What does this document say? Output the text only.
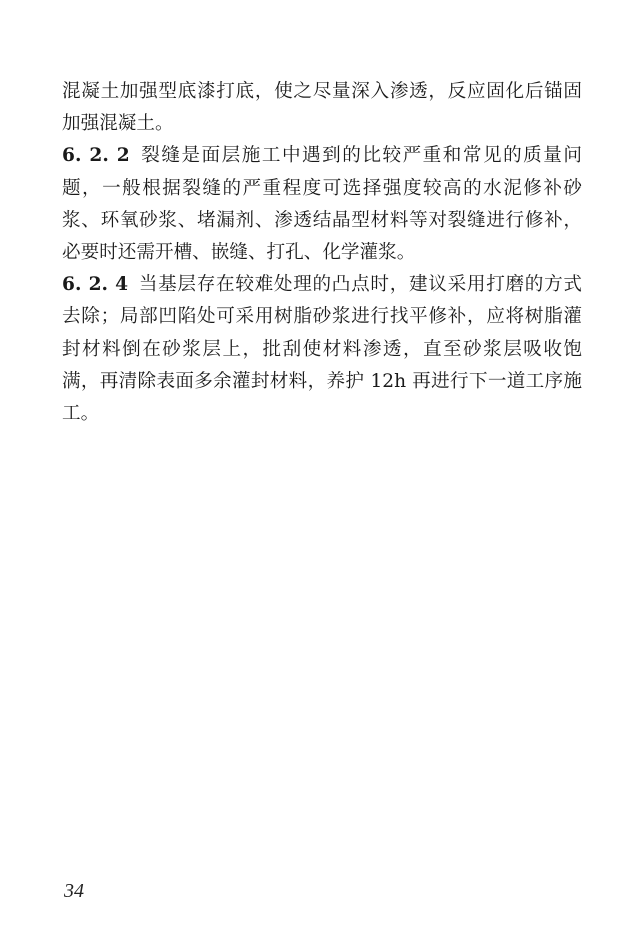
混凝土加强型底漆打底，使之尽量深入渗透，反应固化后锚固加强混凝土。

6. 2. 2 裂缝是面层施工中遇到的比较严重和常见的质量问题，一般根据裂缝的严重程度可选择强度较高的水泥修补砂浆、环氧砂浆、堵漏剂、渗透结晶型材料等对裂缝进行修补，必要时还需开槽、嵌缝、打孔、化学灌浆。

6. 2. 4 当基层存在较难处理的凸点时，建议采用打磨的方式去除；局部凹陷处可采用树脂砂浆进行找平修补，应将树脂灌封材料倒在砂浆层上，批刮使材料渗透，直至砂浆层吸收饱满，再清除表面多余灌封材料，养护 12h 再进行下一道工序施工。

34
